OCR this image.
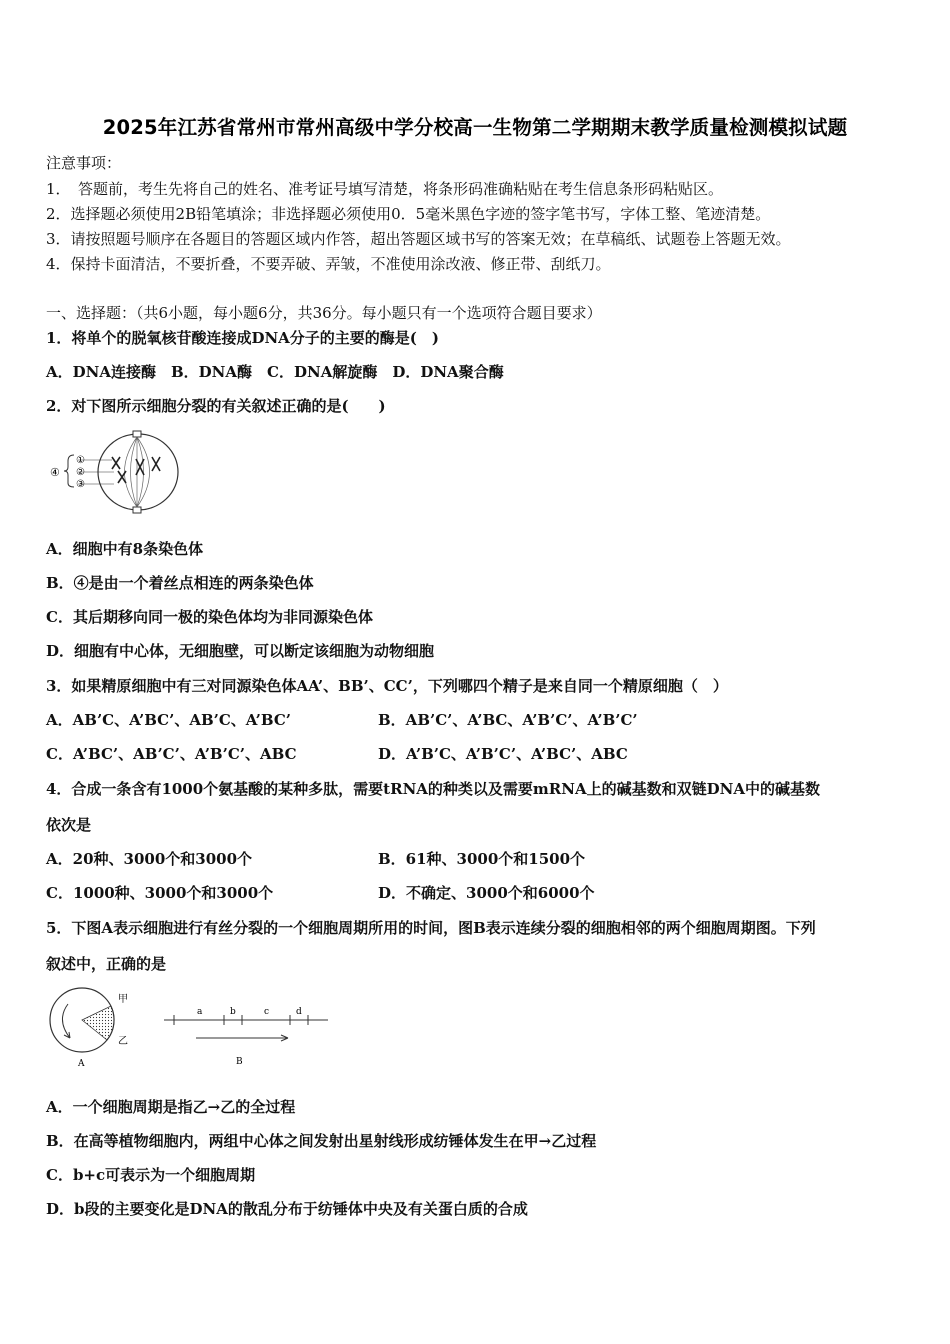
2025年江苏省常州市常州高级中学分校高一生物第二学期期末教学质量检测模拟试题
注意事项：
1．　答题前，考生先将自己的姓名、准考证号填写清楚，将条形码准确粘贴在考生信息条形码粘贴区。
2．选择题必须使用2B铅笔填涂；非选择题必须使用0．5毫米黑色字迹的签字笔书写，字体工整、笔迹清楚。
3．请按照题号顺序在各题目的答题区域内作答，超出答题区域书写的答案无效；在草稿纸、试题卷上答题无效。
4．保持卡面清洁，不要折叠，不要弄破、弄皱，不准使用涂改液、修正带、刮纸刀。
一、选择题：（共6小题，每小题6分，共36分。每小题只有一个选项符合题目要求）
1．将单个的脱氧核苷酸连接成DNA分子的主要的酶是(　)
A．DNA连接酶　B．DNA酶　C．DNA解旋酶　D．DNA聚合酶
2．对下图所示细胞分裂的有关叙述正确的是(　　)
④
①
②
③
A．细胞中有8条染色体
B．④是由一个着丝点相连的两条染色体
C．其后期移向同一极的染色体均为非同源染色体
D．细胞有中心体，无细胞壁，可以断定该细胞为动物细胞
3．如果精原细胞中有三对同源染色体AA’、BB’、CC’，下列哪四个精子是来自同一个精原细胞（　）
A．AB’C、A’BC’、AB’C、A’BC’	B．AB’C’、A’BC、A’B’C’、A’B’C’
C．A’BC’、AB’C’、A’B’C’、ABC	D．A’B’C、A’B’C’、A’BC’、ABC
4．合成一条含有1000个氨基酸的某种多肽，需要tRNA的种类以及需要mRNA上的碱基数和双链DNA中的碱基数
依次是
A．20种、3000个和3000个	B．61种、3000个和1500个
C．1000种、3000个和3000个	D．不确定、3000个和6000个
5．下图A表示细胞进行有丝分裂的一个细胞周期所用的时间，图B表示连续分裂的细胞相邻的两个细胞周期图。下列
叙述中，正确的是
甲
乙
A
a	b	c	d
B
A．一个细胞周期是指乙→乙的全过程
B．在高等植物细胞内，两组中心体之间发射出星射线形成纺锤体发生在甲→乙过程
C．b+c可表示为一个细胞周期
D．b段的主要变化是DNA的散乱分布于纺锤体中央及有关蛋白质的合成
